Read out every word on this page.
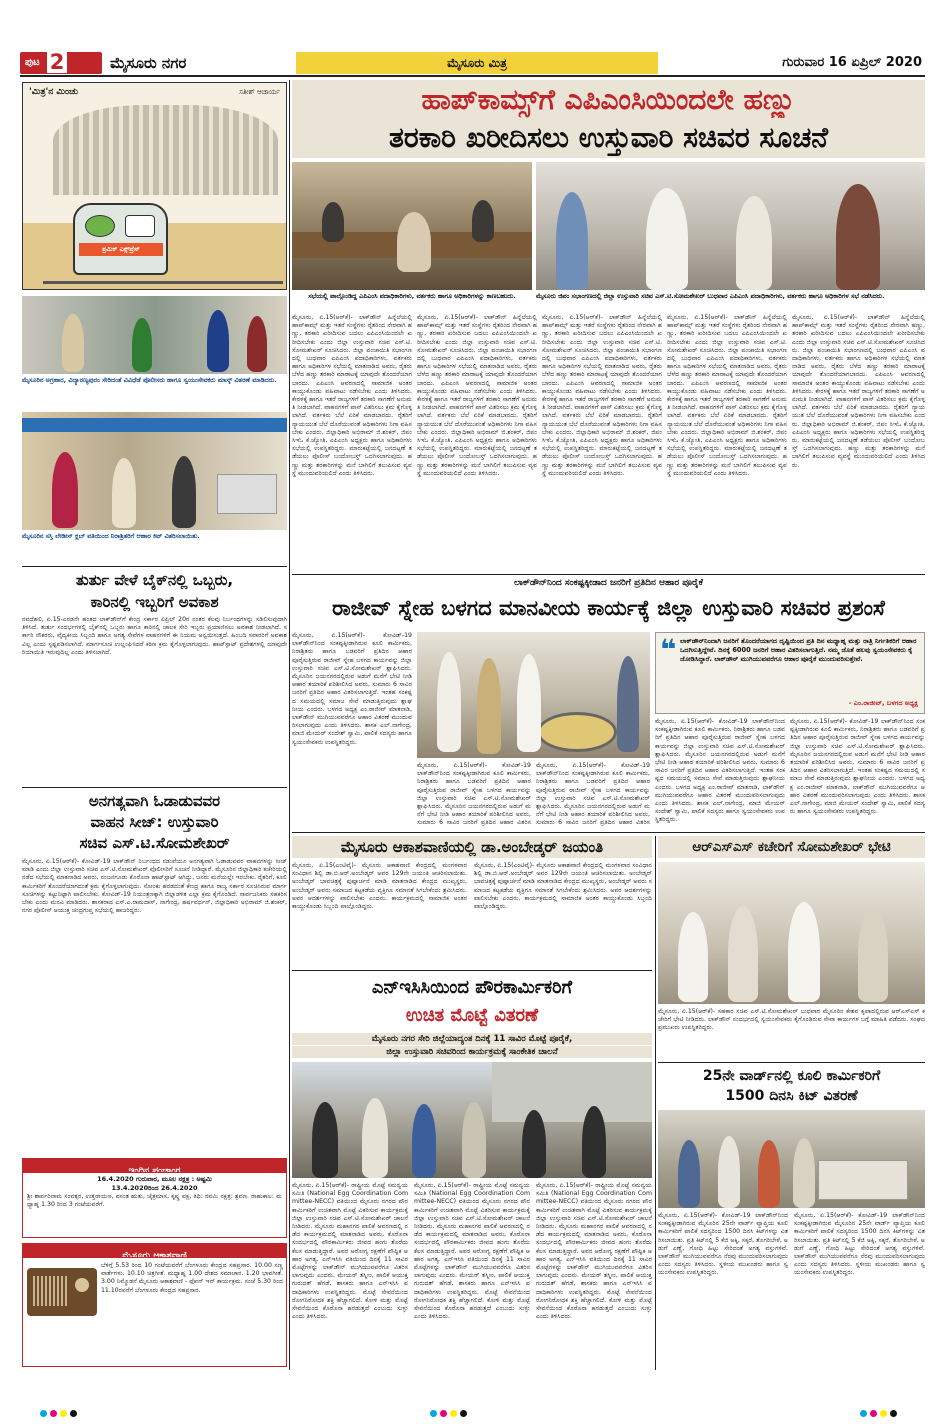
ಪುಟ 2	ಮೈಸೂರು ನಗರ	ಮೈಸೂರು ಮಿತ್ರ	ಗುರುವಾರ 16 ಏಪ್ರಿಲ್ 2020
'ಮಿತ್ರ'ನ ಮಿಂಚು	ಸತೀಶ್ ಆಚಾರ್ಯ
ಶ್ರಮಿಕ್ ಎಕ್ಸ್‌ಪ್ರೆಸ್
ಮೈಸೂರಿನ ಅಗ್ರಹಾರ, ವಿದ್ಯಾರಣ್ಯಪುರಂ ಸೇರಿದಂತೆ ವಿವಿಧೆಡೆ ಪೊಲೀಸರು ಹಾಗೂ ಸ್ವಯಂಸೇವಕರು ಮಾಸ್ಕ್ ವಿತರಣೆ ಮಾಡಿದರು.
ಮೈಸೂರಿನ ಸಸ್ತಿ ಲೇಡೀಸ್ ಕ್ಲಬ್ ವತಿಯಿಂದ ನಿರಾಶ್ರಿತರಿಗೆ ಆಹಾರ ಕಿಟ್ ವಿತರಿಸಲಾಯಿತು.
ತುರ್ತು ವೇಳೆ ಬೈಕ್‌ನಲ್ಲಿ ಒಬ್ಬರು,
ಕಾರಿನಲ್ಲಿ ಇಬ್ಬರಿಗೆ ಅವಕಾಶ
ನವದೆಹಲಿ, ಏ.15-ಎರಡನೇ ಹಂತದ ಲಾಕ್‌ಡೌನ್‌ಗೆ ಕೇಂದ್ರ ಸರ್ಕಾರ ಏಪ್ರಿಲ್ 20ರ ನಂತರ ಕೆಲವು ನಿರ್ಬಂಧಗಳನ್ನು ಸಡಿಲಿಸುವುದಾಗಿ ತಿಳಿಸಿದೆ. ತುರ್ತು ಸಂದರ್ಭಗಳಲ್ಲಿ ಬೈಕ್‌ನಲ್ಲಿ ಒಬ್ಬರು ಹಾಗೂ ಕಾರಿನಲ್ಲಿ ಚಾಲಕ ಸೇರಿ ಇಬ್ಬರು ಪ್ರಯಾಣಿಸಲು ಅವಕಾಶ ನೀಡಲಾಗಿದೆ. ಸರ್ಕಾರಿ ನೌಕರರು, ವೈದ್ಯಕೀಯ ಸಿಬ್ಬಂದಿ ಹಾಗೂ ಅಗತ್ಯ ಸೇವೆಗಳ ವಾಹನಗಳಿಗೆ ಈ ನಿಯಮ ಅನ್ವಯಿಸುತ್ತದೆ. ಹಿಂಬದಿ ಸವಾರರಿಗೆ ಅವಕಾಶವಿಲ್ಲ ಎಂದು ಸ್ಪಷ್ಟಪಡಿಸಲಾಗಿದೆ. ಮಾರ್ಗಸೂಚಿ ಉಲ್ಲಂಘಿಸಿದರೆ ಕಠಿಣ ಕ್ರಮ ಕೈಗೊಳ್ಳಲಾಗುವುದು. ಹಾಟ್‌ಸ್ಪಾಟ್ ಪ್ರದೇಶಗಳಲ್ಲಿ ಯಾವುದೇ ರಿಯಾಯಿತಿ ಇರುವುದಿಲ್ಲ ಎಂದು ತಿಳಿಸಲಾಗಿದೆ.
ಅನಗತ್ಯವಾಗಿ ಓಡಾಡುವವರ
ವಾಹನ ಸೀಜ್: ಉಸ್ತುವಾರಿ
ಸಚಿವ ಎಸ್.ಟಿ.ಸೋಮಶೇಖರ್
ಮೈಸೂರು, ಏ.15(ಆರ್‌ಕೆ)- ಕೋವಿಡ್-19 ಲಾಕ್‌ಡೌನ್ ನಿರ್ಬಂಧದ ನಡುವೆಯೂ ಅನಗತ್ಯವಾಗಿ ಓಡಾಡುವವರ ವಾಹನಗಳನ್ನು ಸೀಜ್ ಮಾಡಿ ಎಂದು ಜಿಲ್ಲಾ ಉಸ್ತುವಾರಿ ಸಚಿವ ಎಸ್.ಟಿ.ಸೋಮಶೇಖರ್ ಪೊಲೀಸರಿಗೆ ಸೂಚನೆ ನೀಡಿದ್ದಾರೆ. ಮೈಸೂರಿನ ಜಿಲ್ಲಾಧಿಕಾರಿ ಕಚೇರಿಯಲ್ಲಿ ನಡೆದ ಸಭೆಯಲ್ಲಿ ಮಾತನಾಡಿದ ಅವರು, ನಂಜನಗೂಡು ಕೊರೊನಾ ಹಾಟ್‌ಸ್ಪಾಟ್ ಆಗಿದ್ದು, ಜನರು ಮನೆಯಲ್ಲೇ ಇರಬೇಕು. ರೈತರಿಗೆ, ಕೂಲಿ ಕಾರ್ಮಿಕರಿಗೆ ತೊಂದರೆಯಾಗದಂತೆ ಕ್ರಮ ಕೈಗೊಳ್ಳಲಾಗುವುದು. ಸೋಂಕು ಹರಡದಂತೆ ಕೇಂದ್ರ ಹಾಗೂ ರಾಜ್ಯ ಸರ್ಕಾರ ಸೂಚಿಸಿರುವ ಮಾರ್ಗಸೂಚಿಗಳನ್ನು ಕಟ್ಟುನಿಟ್ಟಾಗಿ ಪಾಲಿಸಬೇಕು. ಕೋವಿಡ್-19 ನಿಯಂತ್ರಣಕ್ಕಾಗಿ ಜಿಲ್ಲಾಡಳಿತ ಎಲ್ಲಾ ಕ್ರಮ ಕೈಗೊಂಡಿದೆ. ಸಾರ್ವಜನಿಕರು ಸಹಕರಿಸಬೇಕು ಎಂದು ಮನವಿ ಮಾಡಿದರು. ಶಾಸಕರಾದ ಎಸ್.ಎ.ರಾಮದಾಸ್, ನಾಗೇಂದ್ರ, ಹರ್ಷವರ್ಧನ್, ಜಿಲ್ಲಾಧಿಕಾರಿ ಅಭಿರಾಮ್ ಜಿ.ಶಂಕರ್, ನಗರ ಪೊಲೀಸ್ ಆಯುಕ್ತ ಚಂದ್ರಗುಪ್ತ ಸಭೆಯಲ್ಲಿ ಹಾಜರಿದ್ದರು.
ಇಂದಿನ ಪಂಚಾಂಗ
16.4.2020 ಗುರುವಾರ, ಮೂಲ ನಕ್ಷತ್ರ : ಅಷ್ಟಮಿ
13.4.2020ರಿಂದ 26.4.2020
ಶ್ರೀ ಶಾರ್ವರಿನಾಮ ಸಂವತ್ಸರ, ಉತ್ತರಾಯಣ, ವಸಂತ ಋತು, ಚೈತ್ರಮಾಸ, ಕೃಷ್ಣ ಪಕ್ಷ, ತಿಥಿ: ನವಮಿ ನಕ್ಷತ್ರ: ಶ್ರವಣ. ರಾಹುಕಾಲ: ಮಧ್ಯಾಹ್ನ 1.30 ರಿಂದ 3 ಗಂಟೆಯವರೆಗೆ.
ಮೈಸೂರು ಆಕಾಶವಾಣಿ
ಬೆಳಿಗ್ಗೆ 5.53 ರಿಂದ 10 ಗಂಟೆಯವರೆಗೆ ಬೆಂಗಳೂರು ಕೇಂದ್ರದ ಸಹಪ್ರಸಾರ. 10.00 ಸಣ್ಣ ವಾರ್ತೆಗಳು. 10.10 ಚಿತ್ರಗೀತೆ. ಮಧ್ಯಾಹ್ನ 1.00 ದೇಶದ ಸಮಾಚಾರ. 1.20 ಭಾವಗೀತೆ. 3.00 ನಿಮ್ಮೊಡನೆ ಮೈಸೂರು ಆಕಾಶವಾಣಿ - ಫೋನ್ ಇನ್ ಕಾರ್ಯಕ್ರಮ. ಸಂಜೆ 5.30 ರಿಂದ 11.10ರವರೆಗೆ ಬೆಂಗಳೂರು ಕೇಂದ್ರದ ಸಹಪ್ರಸಾರ.
ಹಾಪ್‌ಕಾಮ್ಸ್‌ಗೆ ಎಪಿಎಂಸಿಯಿಂದಲೇ ಹಣ್ಣು
ತರಕಾರಿ ಖರೀದಿಸಲು ಉಸ್ತುವಾರಿ ಸಚಿವರ ಸೂಚನೆ
ಸಭೆಯಲ್ಲಿ ಪಾಲ್ಗೊಂಡಿದ್ದ ಎಪಿಎಂಸಿ ಪದಾಧಿಕಾರಿಗಳು, ವರ್ತಕರು ಹಾಗೂ ಅಧಿಕಾರಿಗಳನ್ನು ಕಾಣಬಹುದು.	ಮೈಸೂರು ಜಿಪಂ ಸಭಾಂಗಣದಲ್ಲಿ ಜಿಲ್ಲಾ ಉಸ್ತುವಾರಿ ಸಚಿವ ಎಸ್.ಟಿ.ಸೋಮಶೇಖರ್ ಬುಧವಾರ ಎಪಿಎಂಸಿ ಪದಾಧಿಕಾರಿಗಳು, ವರ್ತಕರು ಹಾಗೂ ಅಧಿಕಾರಿಗಳ ಸಭೆ ನಡೆಸಿದರು.
ಮೈಸೂರು, ಏ.15(ಆರ್‌ಕೆ)- ಲಾಕ್‌ಡೌನ್ ಹಿನ್ನೆಲೆಯಲ್ಲಿ ಹಾಪ್‌ಕಾಮ್ಸ್ ಮತ್ತು ಇತರೆ ಸಂಸ್ಥೆಗಳು ರೈತರಿಂದ ನೇರವಾಗಿ ಹಣ್ಣು, ತರಕಾರಿ ಖರೀದಿಸುವ ಬದಲು ಎಪಿಎಂಸಿಯಿಂದಲೇ ಖರೀದಿಸಬೇಕು ಎಂದು ಜಿಲ್ಲಾ ಉಸ್ತುವಾರಿ ಸಚಿವ ಎಸ್.ಟಿ.ಸೋಮಶೇಖರ್ ಸೂಚಿಸಿದರು. ಜಿಲ್ಲಾ ಪಂಚಾಯಿತಿ ಸಭಾಂಗಣದಲ್ಲಿ ಬುಧವಾರ ಎಪಿಎಂಸಿ ಪದಾಧಿಕಾರಿಗಳು, ವರ್ತಕರು ಹಾಗೂ ಅಧಿಕಾರಿಗಳ ಸಭೆಯಲ್ಲಿ ಮಾತನಾಡಿದ ಅವರು, ರೈತರು ಬೆಳೆದ ಹಣ್ಣು ತರಕಾರಿ ಮಾರಾಟಕ್ಕೆ ಯಾವುದೇ ತೊಂದರೆಯಾಗಬಾರದು. ಎಪಿಎಂಸಿ ಆವರಣದಲ್ಲಿ ಸಾಮಾಜಿಕ ಅಂತರ ಕಾಯ್ದುಕೊಂಡು ವಹಿವಾಟು ನಡೆಸಬೇಕು ಎಂದು ತಿಳಿಸಿದರು. ಕೇರಳಕ್ಕೆ ಹಾಗೂ ಇತರೆ ರಾಜ್ಯಗಳಿಗೆ ತರಕಾರಿ ಸಾಗಣೆಗೆ ಅನುಮತಿ ನೀಡಲಾಗಿದೆ. ವಾಹನಗಳಿಗೆ ಪಾಸ್ ವಿತರಿಸಲು ಕ್ರಮ ಕೈಗೊಳ್ಳಲಾಗಿದೆ. ವರ್ತಕರು ಬೆಲೆ ಏರಿಕೆ ಮಾಡಬಾರದು. ರೈತರಿಗೆ ನ್ಯಾಯಯುತ ಬೆಲೆ ದೊರೆಯುವಂತೆ ಅಧಿಕಾರಿಗಳು ನಿಗಾ ವಹಿಸಬೇಕು ಎಂದರು. ಜಿಲ್ಲಾಧಿಕಾರಿ ಅಭಿರಾಮ್ ಜಿ.ಶಂಕರ್, ಜಿಪಂ ಸಿಇಓ ಕೆ.ಜ್ಯೋತಿ, ಎಪಿಎಂಸಿ ಅಧ್ಯಕ್ಷರು ಹಾಗೂ ಅಧಿಕಾರಿಗಳು ಸಭೆಯಲ್ಲಿ ಉಪಸ್ಥಿತರಿದ್ದರು. ಮಾರುಕಟ್ಟೆಯಲ್ಲಿ ಜನದಟ್ಟಣೆ ತಡೆಯಲು ಪೊಲೀಸ್ ಬಂದೋಬಸ್ತ್ ಒದಗಿಸಲಾಗುವುದು. ಹಣ್ಣು ಮತ್ತು ತರಕಾರಿಗಳನ್ನು ಮನೆ ಬಾಗಿಲಿಗೆ ತಲುಪಿಸುವ ವ್ಯವಸ್ಥೆ ಮುಂದುವರಿಯಲಿದೆ ಎಂದು ತಿಳಿಸಿದರು.
ಮೈಸೂರು, ಏ.15(ಆರ್‌ಕೆ)- ಲಾಕ್‌ಡೌನ್ ಹಿನ್ನೆಲೆಯಲ್ಲಿ ಹಾಪ್‌ಕಾಮ್ಸ್ ಮತ್ತು ಇತರೆ ಸಂಸ್ಥೆಗಳು ರೈತರಿಂದ ನೇರವಾಗಿ ಹಣ್ಣು, ತರಕಾರಿ ಖರೀದಿಸುವ ಬದಲು ಎಪಿಎಂಸಿಯಿಂದಲೇ ಖರೀದಿಸಬೇಕು ಎಂದು ಜಿಲ್ಲಾ ಉಸ್ತುವಾರಿ ಸಚಿವ ಎಸ್.ಟಿ.ಸೋಮಶೇಖರ್ ಸೂಚಿಸಿದರು. ಜಿಲ್ಲಾ ಪಂಚಾಯಿತಿ ಸಭಾಂಗಣದಲ್ಲಿ ಬುಧವಾರ ಎಪಿಎಂಸಿ ಪದಾಧಿಕಾರಿಗಳು, ವರ್ತಕರು ಹಾಗೂ ಅಧಿಕಾರಿಗಳ ಸಭೆಯಲ್ಲಿ ಮಾತನಾಡಿದ ಅವರು, ರೈತರು ಬೆಳೆದ ಹಣ್ಣು ತರಕಾರಿ ಮಾರಾಟಕ್ಕೆ ಯಾವುದೇ ತೊಂದರೆಯಾಗಬಾರದು. ಎಪಿಎಂಸಿ ಆವರಣದಲ್ಲಿ ಸಾಮಾಜಿಕ ಅಂತರ ಕಾಯ್ದುಕೊಂಡು ವಹಿವಾಟು ನಡೆಸಬೇಕು ಎಂದು ತಿಳಿಸಿದರು. ಕೇರಳಕ್ಕೆ ಹಾಗೂ ಇತರೆ ರಾಜ್ಯಗಳಿಗೆ ತರಕಾರಿ ಸಾಗಣೆಗೆ ಅನುಮತಿ ನೀಡಲಾಗಿದೆ. ವಾಹನಗಳಿಗೆ ಪಾಸ್ ವಿತರಿಸಲು ಕ್ರಮ ಕೈಗೊಳ್ಳಲಾಗಿದೆ. ವರ್ತಕರು ಬೆಲೆ ಏರಿಕೆ ಮಾಡಬಾರದು. ರೈತರಿಗೆ ನ್ಯಾಯಯುತ ಬೆಲೆ ದೊರೆಯುವಂತೆ ಅಧಿಕಾರಿಗಳು ನಿಗಾ ವಹಿಸಬೇಕು ಎಂದರು. ಜಿಲ್ಲಾಧಿಕಾರಿ ಅಭಿರಾಮ್ ಜಿ.ಶಂಕರ್, ಜಿಪಂ ಸಿಇಓ ಕೆ.ಜ್ಯೋತಿ, ಎಪಿಎಂಸಿ ಅಧ್ಯಕ್ಷರು ಹಾಗೂ ಅಧಿಕಾರಿಗಳು ಸಭೆಯಲ್ಲಿ ಉಪಸ್ಥಿತರಿದ್ದರು. ಮಾರುಕಟ್ಟೆಯಲ್ಲಿ ಜನದಟ್ಟಣೆ ತಡೆಯಲು ಪೊಲೀಸ್ ಬಂದೋಬಸ್ತ್ ಒದಗಿಸಲಾಗುವುದು. ಹಣ್ಣು ಮತ್ತು ತರಕಾರಿಗಳನ್ನು ಮನೆ ಬಾಗಿಲಿಗೆ ತಲುಪಿಸುವ ವ್ಯವಸ್ಥೆ ಮುಂದುವರಿಯಲಿದೆ ಎಂದು ತಿಳಿಸಿದರು.
ಮೈಸೂರು, ಏ.15(ಆರ್‌ಕೆ)- ಲಾಕ್‌ಡೌನ್ ಹಿನ್ನೆಲೆಯಲ್ಲಿ ಹಾಪ್‌ಕಾಮ್ಸ್ ಮತ್ತು ಇತರೆ ಸಂಸ್ಥೆಗಳು ರೈತರಿಂದ ನೇರವಾಗಿ ಹಣ್ಣು, ತರಕಾರಿ ಖರೀದಿಸುವ ಬದಲು ಎಪಿಎಂಸಿಯಿಂದಲೇ ಖರೀದಿಸಬೇಕು ಎಂದು ಜಿಲ್ಲಾ ಉಸ್ತುವಾರಿ ಸಚಿವ ಎಸ್.ಟಿ.ಸೋಮಶೇಖರ್ ಸೂಚಿಸಿದರು. ಜಿಲ್ಲಾ ಪಂಚಾಯಿತಿ ಸಭಾಂಗಣದಲ್ಲಿ ಬುಧವಾರ ಎಪಿಎಂಸಿ ಪದಾಧಿಕಾರಿಗಳು, ವರ್ತಕರು ಹಾಗೂ ಅಧಿಕಾರಿಗಳ ಸಭೆಯಲ್ಲಿ ಮಾತನಾಡಿದ ಅವರು, ರೈತರು ಬೆಳೆದ ಹಣ್ಣು ತರಕಾರಿ ಮಾರಾಟಕ್ಕೆ ಯಾವುದೇ ತೊಂದರೆಯಾಗಬಾರದು. ಎಪಿಎಂಸಿ ಆವರಣದಲ್ಲಿ ಸಾಮಾಜಿಕ ಅಂತರ ಕಾಯ್ದುಕೊಂಡು ವಹಿವಾಟು ನಡೆಸಬೇಕು ಎಂದು ತಿಳಿಸಿದರು. ಕೇರಳಕ್ಕೆ ಹಾಗೂ ಇತರೆ ರಾಜ್ಯಗಳಿಗೆ ತರಕಾರಿ ಸಾಗಣೆಗೆ ಅನುಮತಿ ನೀಡಲಾಗಿದೆ. ವಾಹನಗಳಿಗೆ ಪಾಸ್ ವಿತರಿಸಲು ಕ್ರಮ ಕೈಗೊಳ್ಳಲಾಗಿದೆ. ವರ್ತಕರು ಬೆಲೆ ಏರಿಕೆ ಮಾಡಬಾರದು. ರೈತರಿಗೆ ನ್ಯಾಯಯುತ ಬೆಲೆ ದೊರೆಯುವಂತೆ ಅಧಿಕಾರಿಗಳು ನಿಗಾ ವಹಿಸಬೇಕು ಎಂದರು. ಜಿಲ್ಲಾಧಿಕಾರಿ ಅಭಿರಾಮ್ ಜಿ.ಶಂಕರ್, ಜಿಪಂ ಸಿಇಓ ಕೆ.ಜ್ಯೋತಿ, ಎಪಿಎಂಸಿ ಅಧ್ಯಕ್ಷರು ಹಾಗೂ ಅಧಿಕಾರಿಗಳು ಸಭೆಯಲ್ಲಿ ಉಪಸ್ಥಿತರಿದ್ದರು. ಮಾರುಕಟ್ಟೆಯಲ್ಲಿ ಜನದಟ್ಟಣೆ ತಡೆಯಲು ಪೊಲೀಸ್ ಬಂದೋಬಸ್ತ್ ಒದಗಿಸಲಾಗುವುದು. ಹಣ್ಣು ಮತ್ತು ತರಕಾರಿಗಳನ್ನು ಮನೆ ಬಾಗಿಲಿಗೆ ತಲುಪಿಸುವ ವ್ಯವಸ್ಥೆ ಮುಂದುವರಿಯಲಿದೆ ಎಂದು ತಿಳಿಸಿದರು.
ಮೈಸೂರು, ಏ.15(ಆರ್‌ಕೆ)- ಲಾಕ್‌ಡೌನ್ ಹಿನ್ನೆಲೆಯಲ್ಲಿ ಹಾಪ್‌ಕಾಮ್ಸ್ ಮತ್ತು ಇತರೆ ಸಂಸ್ಥೆಗಳು ರೈತರಿಂದ ನೇರವಾಗಿ ಹಣ್ಣು, ತರಕಾರಿ ಖರೀದಿಸುವ ಬದಲು ಎಪಿಎಂಸಿಯಿಂದಲೇ ಖರೀದಿಸಬೇಕು ಎಂದು ಜಿಲ್ಲಾ ಉಸ್ತುವಾರಿ ಸಚಿವ ಎಸ್.ಟಿ.ಸೋಮಶೇಖರ್ ಸೂಚಿಸಿದರು. ಜಿಲ್ಲಾ ಪಂಚಾಯಿತಿ ಸಭಾಂಗಣದಲ್ಲಿ ಬುಧವಾರ ಎಪಿಎಂಸಿ ಪದಾಧಿಕಾರಿಗಳು, ವರ್ತಕರು ಹಾಗೂ ಅಧಿಕಾರಿಗಳ ಸಭೆಯಲ್ಲಿ ಮಾತನಾಡಿದ ಅವರು, ರೈತರು ಬೆಳೆದ ಹಣ್ಣು ತರಕಾರಿ ಮಾರಾಟಕ್ಕೆ ಯಾವುದೇ ತೊಂದರೆಯಾಗಬಾರದು. ಎಪಿಎಂಸಿ ಆವರಣದಲ್ಲಿ ಸಾಮಾಜಿಕ ಅಂತರ ಕಾಯ್ದುಕೊಂಡು ವಹಿವಾಟು ನಡೆಸಬೇಕು ಎಂದು ತಿಳಿಸಿದರು. ಕೇರಳಕ್ಕೆ ಹಾಗೂ ಇತರೆ ರಾಜ್ಯಗಳಿಗೆ ತರಕಾರಿ ಸಾಗಣೆಗೆ ಅನುಮತಿ ನೀಡಲಾಗಿದೆ. ವಾಹನಗಳಿಗೆ ಪಾಸ್ ವಿತರಿಸಲು ಕ್ರಮ ಕೈಗೊಳ್ಳಲಾಗಿದೆ. ವರ್ತಕರು ಬೆಲೆ ಏರಿಕೆ ಮಾಡಬಾರದು. ರೈತರಿಗೆ ನ್ಯಾಯಯುತ ಬೆಲೆ ದೊರೆಯುವಂತೆ ಅಧಿಕಾರಿಗಳು ನಿಗಾ ವಹಿಸಬೇಕು ಎಂದರು. ಜಿಲ್ಲಾಧಿಕಾರಿ ಅಭಿರಾಮ್ ಜಿ.ಶಂಕರ್, ಜಿಪಂ ಸಿಇಓ ಕೆ.ಜ್ಯೋತಿ, ಎಪಿಎಂಸಿ ಅಧ್ಯಕ್ಷರು ಹಾಗೂ ಅಧಿಕಾರಿಗಳು ಸಭೆಯಲ್ಲಿ ಉಪಸ್ಥಿತರಿದ್ದರು. ಮಾರುಕಟ್ಟೆಯಲ್ಲಿ ಜನದಟ್ಟಣೆ ತಡೆಯಲು ಪೊಲೀಸ್ ಬಂದೋಬಸ್ತ್ ಒದಗಿಸಲಾಗುವುದು. ಹಣ್ಣು ಮತ್ತು ತರಕಾರಿಗಳನ್ನು ಮನೆ ಬಾಗಿಲಿಗೆ ತಲುಪಿಸುವ ವ್ಯವಸ್ಥೆ ಮುಂದುವರಿಯಲಿದೆ ಎಂದು ತಿಳಿಸಿದರು.
ಮೈಸೂರು, ಏ.15(ಆರ್‌ಕೆ)- ಲಾಕ್‌ಡೌನ್ ಹಿನ್ನೆಲೆಯಲ್ಲಿ ಹಾಪ್‌ಕಾಮ್ಸ್ ಮತ್ತು ಇತರೆ ಸಂಸ್ಥೆಗಳು ರೈತರಿಂದ ನೇರವಾಗಿ ಹಣ್ಣು, ತರಕಾರಿ ಖರೀದಿಸುವ ಬದಲು ಎಪಿಎಂಸಿಯಿಂದಲೇ ಖರೀದಿಸಬೇಕು ಎಂದು ಜಿಲ್ಲಾ ಉಸ್ತುವಾರಿ ಸಚಿವ ಎಸ್.ಟಿ.ಸೋಮಶೇಖರ್ ಸೂಚಿಸಿದರು. ಜಿಲ್ಲಾ ಪಂಚಾಯಿತಿ ಸಭಾಂಗಣದಲ್ಲಿ ಬುಧವಾರ ಎಪಿಎಂಸಿ ಪದಾಧಿಕಾರಿಗಳು, ವರ್ತಕರು ಹಾಗೂ ಅಧಿಕಾರಿಗಳ ಸಭೆಯಲ್ಲಿ ಮಾತನಾಡಿದ ಅವರು, ರೈತರು ಬೆಳೆದ ಹಣ್ಣು ತರಕಾರಿ ಮಾರಾಟಕ್ಕೆ ಯಾವುದೇ ತೊಂದರೆಯಾಗಬಾರದು. ಎಪಿಎಂಸಿ ಆವರಣದಲ್ಲಿ ಸಾಮಾಜಿಕ ಅಂತರ ಕಾಯ್ದುಕೊಂಡು ವಹಿವಾಟು ನಡೆಸಬೇಕು ಎಂದು ತಿಳಿಸಿದರು. ಕೇರಳಕ್ಕೆ ಹಾಗೂ ಇತರೆ ರಾಜ್ಯಗಳಿಗೆ ತರಕಾರಿ ಸಾಗಣೆಗೆ ಅನುಮತಿ ನೀಡಲಾಗಿದೆ. ವಾಹನಗಳಿಗೆ ಪಾಸ್ ವಿತರಿಸಲು ಕ್ರಮ ಕೈಗೊಳ್ಳಲಾಗಿದೆ. ವರ್ತಕರು ಬೆಲೆ ಏರಿಕೆ ಮಾಡಬಾರದು. ರೈತರಿಗೆ ನ್ಯಾಯಯುತ ಬೆಲೆ ದೊರೆಯುವಂತೆ ಅಧಿಕಾರಿಗಳು ನಿಗಾ ವಹಿಸಬೇಕು ಎಂದರು. ಜಿಲ್ಲಾಧಿಕಾರಿ ಅಭಿರಾಮ್ ಜಿ.ಶಂಕರ್, ಜಿಪಂ ಸಿಇಓ ಕೆ.ಜ್ಯೋತಿ, ಎಪಿಎಂಸಿ ಅಧ್ಯಕ್ಷರು ಹಾಗೂ ಅಧಿಕಾರಿಗಳು ಸಭೆಯಲ್ಲಿ ಉಪಸ್ಥಿತರಿದ್ದರು. ಮಾರುಕಟ್ಟೆಯಲ್ಲಿ ಜನದಟ್ಟಣೆ ತಡೆಯಲು ಪೊಲೀಸ್ ಬಂದೋಬಸ್ತ್ ಒದಗಿಸಲಾಗುವುದು. ಹಣ್ಣು ಮತ್ತು ತರಕಾರಿಗಳನ್ನು ಮನೆ ಬಾಗಿಲಿಗೆ ತಲುಪಿಸುವ ವ್ಯವಸ್ಥೆ ಮುಂದುವರಿಯಲಿದೆ ಎಂದು ತಿಳಿಸಿದರು.
ಲಾಕ್‌ಡೌನ್‌ನಿಂದ ಸಂಕಷ್ಟಕ್ಕೀಡಾದ ಜನರಿಗೆ ಪ್ರತಿದಿನ ಆಹಾರ ಪೂರೈಕೆ
ರಾಜೀವ್ ಸ್ನೇಹ ಬಳಗದ ಮಾನವೀಯ ಕಾರ್ಯಕ್ಕೆ ಜಿಲ್ಲಾ ಉಸ್ತುವಾರಿ ಸಚಿವರ ಪ್ರಶಂಸೆ
ಮೈಸೂರು, ಏ.15(ಆರ್‌ಕೆ)- ಕೋವಿಡ್-19 ಲಾಕ್‌ಡೌನ್‌ನಿಂದ ಸಂಕಷ್ಟಕ್ಕೀಡಾಗಿರುವ ಕೂಲಿ ಕಾರ್ಮಿಕರು, ನಿರಾಶ್ರಿತರು ಹಾಗೂ ಬಡವರಿಗೆ ಪ್ರತಿದಿನ ಆಹಾರ ಪೂರೈಸುತ್ತಿರುವ ರಾಜೀವ್ ಸ್ನೇಹ ಬಳಗದ ಕಾರ್ಯವನ್ನು ಜಿಲ್ಲಾ ಉಸ್ತುವಾರಿ ಸಚಿವ ಎಸ್.ಟಿ.ಸೋಮಶೇಖರ್ ಶ್ಲಾಘಿಸಿದರು. ಮೈಸೂರಿನ ಜಯನಗರದಲ್ಲಿರುವ ಅಡುಗೆ ಮನೆಗೆ ಭೇಟಿ ನೀಡಿ ಆಹಾರ ತಯಾರಿಕೆ ಪರಿಶೀಲಿಸಿದ ಅವರು, ಸುಮಾರು 6 ಸಾವಿರ ಜನರಿಗೆ ಪ್ರತಿದಿನ ಆಹಾರ ವಿತರಿಸಲಾಗುತ್ತಿದೆ. ಇಂತಹ ಸಂಕಷ್ಟದ ಸಮಯದಲ್ಲಿ ಸಮಾಜ ಸೇವೆ ಮಾಡುತ್ತಿರುವುದು ಶ್ಲಾಘನೀಯ ಎಂದರು. ಬಳಗದ ಅಧ್ಯಕ್ಷ ಎಂ.ರಾಜೀವ್ ಮಾತನಾಡಿ, ಲಾಕ್‌ಡೌನ್ ಮುಗಿಯುವವರೆಗೂ ಆಹಾರ ವಿತರಣೆ ಮುಂದುವರಿಸಲಾಗುವುದು ಎಂದು ತಿಳಿಸಿದರು. ಶಾಸಕ ಎಲ್.ನಾಗೇಂದ್ರ, ಮಾಜಿ ಮೇಯರ್ ಸಂದೇಶ್ ಸ್ವಾಮಿ, ಪಾಲಿಕೆ ಸದಸ್ಯರು ಹಾಗೂ ಸ್ವಯಂಸೇವಕರು ಉಪಸ್ಥಿತರಿದ್ದರು.
ಮೈಸೂರು, ಏ.15(ಆರ್‌ಕೆ)- ಕೋವಿಡ್-19 ಲಾಕ್‌ಡೌನ್‌ನಿಂದ ಸಂಕಷ್ಟಕ್ಕೀಡಾಗಿರುವ ಕೂಲಿ ಕಾರ್ಮಿಕರು, ನಿರಾಶ್ರಿತರು ಹಾಗೂ ಬಡವರಿಗೆ ಪ್ರತಿದಿನ ಆಹಾರ ಪೂರೈಸುತ್ತಿರುವ ರಾಜೀವ್ ಸ್ನೇಹ ಬಳಗದ ಕಾರ್ಯವನ್ನು ಜಿಲ್ಲಾ ಉಸ್ತುವಾರಿ ಸಚಿವ ಎಸ್.ಟಿ.ಸೋಮಶೇಖರ್ ಶ್ಲಾಘಿಸಿದರು. ಮೈಸೂರಿನ ಜಯನಗರದಲ್ಲಿರುವ ಅಡುಗೆ ಮನೆಗೆ ಭೇಟಿ ನೀಡಿ ಆಹಾರ ತಯಾರಿಕೆ ಪರಿಶೀಲಿಸಿದ ಅವರು, ಸುಮಾರು 6 ಸಾವಿರ ಜನರಿಗೆ ಪ್ರತಿದಿನ ಆಹಾರ ವಿತರಿಸ
ಮೈಸೂರು, ಏ.15(ಆರ್‌ಕೆ)- ಕೋವಿಡ್-19 ಲಾಕ್‌ಡೌನ್‌ನಿಂದ ಸಂಕಷ್ಟಕ್ಕೀಡಾಗಿರುವ ಕೂಲಿ ಕಾರ್ಮಿಕರು, ನಿರಾಶ್ರಿತರು ಹಾಗೂ ಬಡವರಿಗೆ ಪ್ರತಿದಿನ ಆಹಾರ ಪೂರೈಸುತ್ತಿರುವ ರಾಜೀವ್ ಸ್ನೇಹ ಬಳಗದ ಕಾರ್ಯವನ್ನು ಜಿಲ್ಲಾ ಉಸ್ತುವಾರಿ ಸಚಿವ ಎಸ್.ಟಿ.ಸೋಮಶೇಖರ್ ಶ್ಲಾಘಿಸಿದರು. ಮೈಸೂರಿನ ಜಯನಗರದಲ್ಲಿರುವ ಅಡುಗೆ ಮನೆಗೆ ಭೇಟಿ ನೀಡಿ ಆಹಾರ ತಯಾರಿಕೆ ಪರಿಶೀಲಿಸಿದ ಅವರು, ಸುಮಾರು 6 ಸಾವಿರ ಜನರಿಗೆ ಪ್ರತಿದಿನ ಆಹಾರ ವಿತರಿಸ
❝ ಲಾಕ್‌ಡೌನ್‌ನಿಂದಾಗಿ ಜನರಿಗೆ ತೊಂದರೆಯಾಗದ ದೃಷ್ಟಿಯಿಂದ ಪ್ರತಿ ದಿನ ಮಧ್ಯಾಹ್ನ ಮತ್ತು ರಾತ್ರಿ ನಿರ್ಗತಿಕರಿಗೆ ಆಹಾರ ಒದಗಿಸುತ್ತಿದ್ದೇವೆ. ದಿನಕ್ಕೆ 6000 ಜನರಿಗೆ ಆಹಾರ ವಿತರಿಸಲಾಗುತ್ತಿದೆ. ನಮ್ಮ ಜೊತೆ ಹಲವು ಸ್ವಯಂಸೇವಕರು ಕೈ ಜೋಡಿಸಿದ್ದಾರೆ. ಲಾಕ್‌ಡೌನ್ ಮುಗಿಯುವವರೆಗೂ ಆಹಾರ ಪೂರೈಕೆ ಮುಂದುವರಿಸುತ್ತೇವೆ.
- ಎಂ.ರಾಜೀವ್, ಬಳಗದ ಅಧ್ಯಕ್ಷ
ಮೈಸೂರು, ಏ.15(ಆರ್‌ಕೆ)- ಕೋವಿಡ್-19 ಲಾಕ್‌ಡೌನ್‌ನಿಂದ ಸಂಕಷ್ಟಕ್ಕೀಡಾಗಿರುವ ಕೂಲಿ ಕಾರ್ಮಿಕರು, ನಿರಾಶ್ರಿತರು ಹಾಗೂ ಬಡವರಿಗೆ ಪ್ರತಿದಿನ ಆಹಾರ ಪೂರೈಸುತ್ತಿರುವ ರಾಜೀವ್ ಸ್ನೇಹ ಬಳಗದ ಕಾರ್ಯವನ್ನು ಜಿಲ್ಲಾ ಉಸ್ತುವಾರಿ ಸಚಿವ ಎಸ್.ಟಿ.ಸೋಮಶೇಖರ್ ಶ್ಲಾಘಿಸಿದರು. ಮೈಸೂರಿನ ಜಯನಗರದಲ್ಲಿರುವ ಅಡುಗೆ ಮನೆಗೆ ಭೇಟಿ ನೀಡಿ ಆಹಾರ ತಯಾರಿಕೆ ಪರಿಶೀಲಿಸಿದ ಅವರು, ಸುಮಾರು 6 ಸಾವಿರ ಜನರಿಗೆ ಪ್ರತಿದಿನ ಆಹಾರ ವಿತರಿಸಲಾಗುತ್ತಿದೆ. ಇಂತಹ ಸಂಕಷ್ಟದ ಸಮಯದಲ್ಲಿ ಸಮಾಜ ಸೇವೆ ಮಾಡುತ್ತಿರುವುದು ಶ್ಲಾಘನೀಯ ಎಂದರು. ಬಳಗದ ಅಧ್ಯಕ್ಷ ಎಂ.ರಾಜೀವ್ ಮಾತನಾಡಿ, ಲಾಕ್‌ಡೌನ್ ಮುಗಿಯುವವರೆಗೂ ಆಹಾರ ವಿತರಣೆ ಮುಂದುವರಿಸಲಾಗುವುದು ಎಂದು ತಿಳಿಸಿದರು. ಶಾಸಕ ಎಲ್.ನಾಗೇಂದ್ರ, ಮಾಜಿ ಮೇಯರ್ ಸಂದೇಶ್ ಸ್ವಾಮಿ, ಪಾಲಿಕೆ ಸದಸ್ಯರು ಹಾಗೂ ಸ್ವಯಂಸೇವಕರು ಉಪಸ್ಥಿತರಿದ್ದರು.
ಮೈಸೂರು, ಏ.15(ಆರ್‌ಕೆ)- ಕೋವಿಡ್-19 ಲಾಕ್‌ಡೌನ್‌ನಿಂದ ಸಂಕಷ್ಟಕ್ಕೀಡಾಗಿರುವ ಕೂಲಿ ಕಾರ್ಮಿಕರು, ನಿರಾಶ್ರಿತರು ಹಾಗೂ ಬಡವರಿಗೆ ಪ್ರತಿದಿನ ಆಹಾರ ಪೂರೈಸುತ್ತಿರುವ ರಾಜೀವ್ ಸ್ನೇಹ ಬಳಗದ ಕಾರ್ಯವನ್ನು ಜಿಲ್ಲಾ ಉಸ್ತುವಾರಿ ಸಚಿವ ಎಸ್.ಟಿ.ಸೋಮಶೇಖರ್ ಶ್ಲಾಘಿಸಿದರು. ಮೈಸೂರಿನ ಜಯನಗರದಲ್ಲಿರುವ ಅಡುಗೆ ಮನೆಗೆ ಭೇಟಿ ನೀಡಿ ಆಹಾರ ತಯಾರಿಕೆ ಪರಿಶೀಲಿಸಿದ ಅವರು, ಸುಮಾರು 6 ಸಾವಿರ ಜನರಿಗೆ ಪ್ರತಿದಿನ ಆಹಾರ ವಿತರಿಸಲಾಗುತ್ತಿದೆ. ಇಂತಹ ಸಂಕಷ್ಟದ ಸಮಯದಲ್ಲಿ ಸಮಾಜ ಸೇವೆ ಮಾಡುತ್ತಿರುವುದು ಶ್ಲಾಘನೀಯ ಎಂದರು. ಬಳಗದ ಅಧ್ಯಕ್ಷ ಎಂ.ರಾಜೀವ್ ಮಾತನಾಡಿ, ಲಾಕ್‌ಡೌನ್ ಮುಗಿಯುವವರೆಗೂ ಆಹಾರ ವಿತರಣೆ ಮುಂದುವರಿಸಲಾಗುವುದು ಎಂದು ತಿಳಿಸಿದರು. ಶಾಸಕ ಎಲ್.ನಾಗೇಂದ್ರ, ಮಾಜಿ ಮೇಯರ್ ಸಂದೇಶ್ ಸ್ವಾಮಿ, ಪಾಲಿಕೆ ಸದಸ್ಯರು ಹಾಗೂ ಸ್ವಯಂಸೇವಕರು ಉಪಸ್ಥಿತರಿದ್ದರು.
ಮೈಸೂರು ಆಕಾಶವಾಣಿಯಲ್ಲಿ ಡಾ.ಅಂಬೇಡ್ಕರ್ ಜಯಂತಿ
ಮೈಸೂರು, ಏ.15(ಎಂಟಿವೈ)- ಮೈಸೂರು ಆಕಾಶವಾಣಿ ಕೇಂದ್ರದಲ್ಲಿ ಮಂಗಳವಾರ ಸಂವಿಧಾನ ಶಿಲ್ಪಿ ಡಾ.ಬಿ.ಆರ್.ಅಂಬೇಡ್ಕರ್ ಅವರ 129ನೇ ಜಯಂತಿ ಆಚರಿಸಲಾಯಿತು. ಅಂಬೇಡ್ಕರ್ ಭಾವಚಿತ್ರಕ್ಕೆ ಪುಷ್ಪಾರ್ಚನೆ ಮಾಡಿ ಮಾತನಾಡಿದ ಕೇಂದ್ರದ ಮುಖ್ಯಸ್ಥರು, ಅಂಬೇಡ್ಕರ್ ಅವರು ಸಮಾಜದ ಕಟ್ಟಕಡೆಯ ವ್ಯಕ್ತಿಗೂ ಸಮಾನತೆ ಸಿಗಬೇಕೆಂದು ಶ್ರಮಿಸಿದರು. ಅವರ ಆದರ್ಶಗಳನ್ನು ಪಾಲಿಸಬೇಕು ಎಂದರು. ಕಾರ್ಯಕ್ರಮದಲ್ಲಿ ಸಾಮಾಜಿಕ ಅಂತರ ಕಾಯ್ದುಕೊಂಡು ಸಿಬ್ಬಂದಿ ಪಾಲ್ಗೊಂಡಿದ್ದರು.
ಮೈಸೂರು, ಏ.15(ಎಂಟಿವೈ)- ಮೈಸೂರು ಆಕಾಶವಾಣಿ ಕೇಂದ್ರದಲ್ಲಿ ಮಂಗಳವಾರ ಸಂವಿಧಾನ ಶಿಲ್ಪಿ ಡಾ.ಬಿ.ಆರ್.ಅಂಬೇಡ್ಕರ್ ಅವರ 129ನೇ ಜಯಂತಿ ಆಚರಿಸಲಾಯಿತು. ಅಂಬೇಡ್ಕರ್ ಭಾವಚಿತ್ರಕ್ಕೆ ಪುಷ್ಪಾರ್ಚನೆ ಮಾಡಿ ಮಾತನಾಡಿದ ಕೇಂದ್ರದ ಮುಖ್ಯಸ್ಥರು, ಅಂಬೇಡ್ಕರ್ ಅವರು ಸಮಾಜದ ಕಟ್ಟಕಡೆಯ ವ್ಯಕ್ತಿಗೂ ಸಮಾನತೆ ಸಿಗಬೇಕೆಂದು ಶ್ರಮಿಸಿದರು. ಅವರ ಆದರ್ಶಗಳನ್ನು ಪಾಲಿಸಬೇಕು ಎಂದರು. ಕಾರ್ಯಕ್ರಮದಲ್ಲಿ ಸಾಮಾಜಿಕ ಅಂತರ ಕಾಯ್ದುಕೊಂಡು ಸಿಬ್ಬಂದಿ ಪಾಲ್ಗೊಂಡಿದ್ದರು.
ಆರ್‌ಎಸ್‌ಎಸ್ ಕಚೇರಿಗೆ ಸೋಮಶೇಖರ್ ಭೇಟಿ
ಮೈಸೂರು, ಏ.15(ಆರ್‌ಕೆ)- ಸಹಕಾರ ಸಚಿವ ಎಸ್.ಟಿ.ಸೋಮಶೇಖರ್ ಬುಧವಾರ ಮೈಸೂರಿನ ಕೇಶವ ಕೃಪಾದಲ್ಲಿರುವ ಆರ್‌ಎಸ್‌ಎಸ್ ಕಚೇರಿಗೆ ಭೇಟಿ ನೀಡಿದರು. ಲಾಕ್‌ಡೌನ್ ಸಂದರ್ಭದಲ್ಲಿ ಸ್ವಯಂಸೇವಕರು ಕೈಗೊಂಡಿರುವ ಸೇವಾ ಕಾರ್ಯಗಳ ಬಗ್ಗೆ ಮಾಹಿತಿ ಪಡೆದರು. ಸಂಘದ ಪ್ರಮುಖರು ಉಪಸ್ಥಿತರಿದ್ದರು.
ಎನ್‌ಇಸಿಸಿಯಿಂದ ಪೌರಕಾರ್ಮಿಕರಿಗೆ
ಉಚಿತ ಮೊಟ್ಟೆ ವಿತರಣೆ
ಮೈಸೂರು ನಗರ ಸೇರಿ ಜಿಲ್ಲೆಯಾದ್ಯಂತ ದಿನಕ್ಕೆ 11 ಸಾವಿರ ಮೊಟ್ಟೆ ಪೂರೈಕೆ,
ಜಿಲ್ಲಾ ಉಸ್ತುವಾರಿ ಸಚಿವರಿಂದ ಕಾರ್ಯಕ್ರಮಕ್ಕೆ ಸಾಂಕೇತಿಕ ಚಾಲನೆ
ಮೈಸೂರು, ಏ.15(ಆರ್‌ಕೆ)- ರಾಷ್ಟ್ರೀಯ ಮೊಟ್ಟೆ ಸಮನ್ವಯ ಸಮಿತಿ (National Egg Coordination Committee-NECC) ವತಿಯಿಂದ ಮೈಸೂರು ನಗರದ ಪೌರಕಾರ್ಮಿಕರಿಗೆ ಉಚಿತವಾಗಿ ಮೊಟ್ಟೆ ವಿತರಿಸುವ ಕಾರ್ಯಕ್ರಮಕ್ಕೆ ಜಿಲ್ಲಾ ಉಸ್ತುವಾರಿ ಸಚಿವ ಎಸ್.ಟಿ.ಸೋಮಶೇಖರ್ ಚಾಲನೆ ನೀಡಿದರು. ಮೈಸೂರು ಮಹಾನಗರ ಪಾಲಿಕೆ ಆವರಣದಲ್ಲಿ ನಡೆದ ಕಾರ್ಯಕ್ರಮದಲ್ಲಿ ಮಾತನಾಡಿದ ಅವರು, ಕೊರೊನಾ ಸಂದರ್ಭದಲ್ಲಿ ಪೌರಕಾರ್ಮಿಕರು ಜೀವದ ಹಂಗು ತೊರೆದು ಕೆಲಸ ಮಾಡುತ್ತಿದ್ದಾರೆ. ಅವರ ಆರೋಗ್ಯ ರಕ್ಷಣೆಗೆ ಪೌಷ್ಟಿಕ ಆಹಾರ ಅಗತ್ಯ. ಎನ್‌ಇಸಿಸಿ ವತಿಯಿಂದ ದಿನಕ್ಕೆ 11 ಸಾವಿರ ಮೊಟ್ಟೆಗಳನ್ನು ಲಾಕ್‌ಡೌನ್ ಮುಗಿಯುವವರೆಗೂ ವಿತರಿಸಲಾಗುವುದು ಎಂದರು. ಮೇಯರ್ ತಸ್ನೀಂ, ಪಾಲಿಕೆ ಆಯುಕ್ತ ಗುರುದತ್ ಹೆಗಡೆ, ಶಾಸಕರು ಹಾಗೂ ಎನ್‌ಇಸಿಸಿ ಪದಾಧಿಕಾರಿಗಳು ಉಪಸ್ಥಿತರಿದ್ದರು. ಮೊಟ್ಟೆ ಸೇವನೆಯಿಂದ ರೋಗನಿರೋಧಕ ಶಕ್ತಿ ಹೆಚ್ಚಾಗಲಿದೆ. ಕೋಳಿ ಮತ್ತು ಮೊಟ್ಟೆ ಸೇವನೆಯಿಂದ ಕೊರೊನಾ ಹರಡುತ್ತದೆ ಎಂಬುದು ಸುಳ್ಳು ಎಂದು ತಿಳಿಸಿದರು.
ಮೈಸೂರು, ಏ.15(ಆರ್‌ಕೆ)- ರಾಷ್ಟ್ರೀಯ ಮೊಟ್ಟೆ ಸಮನ್ವಯ ಸಮಿತಿ (National Egg Coordination Committee-NECC) ವತಿಯಿಂದ ಮೈಸೂರು ನಗರದ ಪೌರಕಾರ್ಮಿಕರಿಗೆ ಉಚಿತವಾಗಿ ಮೊಟ್ಟೆ ವಿತರಿಸುವ ಕಾರ್ಯಕ್ರಮಕ್ಕೆ ಜಿಲ್ಲಾ ಉಸ್ತುವಾರಿ ಸಚಿವ ಎಸ್.ಟಿ.ಸೋಮಶೇಖರ್ ಚಾಲನೆ ನೀಡಿದರು. ಮೈಸೂರು ಮಹಾನಗರ ಪಾಲಿಕೆ ಆವರಣದಲ್ಲಿ ನಡೆದ ಕಾರ್ಯಕ್ರಮದಲ್ಲಿ ಮಾತನಾಡಿದ ಅವರು, ಕೊರೊನಾ ಸಂದರ್ಭದಲ್ಲಿ ಪೌರಕಾರ್ಮಿಕರು ಜೀವದ ಹಂಗು ತೊರೆದು ಕೆಲಸ ಮಾಡುತ್ತಿದ್ದಾರೆ. ಅವರ ಆರೋಗ್ಯ ರಕ್ಷಣೆಗೆ ಪೌಷ್ಟಿಕ ಆಹಾರ ಅಗತ್ಯ. ಎನ್‌ಇಸಿಸಿ ವತಿಯಿಂದ ದಿನಕ್ಕೆ 11 ಸಾವಿರ ಮೊಟ್ಟೆಗಳನ್ನು ಲಾಕ್‌ಡೌನ್ ಮುಗಿಯುವವರೆಗೂ ವಿತರಿಸಲಾಗುವುದು ಎಂದರು. ಮೇಯರ್ ತಸ್ನೀಂ, ಪಾಲಿಕೆ ಆಯುಕ್ತ ಗುರುದತ್ ಹೆಗಡೆ, ಶಾಸಕರು ಹಾಗೂ ಎನ್‌ಇಸಿಸಿ ಪದಾಧಿಕಾರಿಗಳು ಉಪಸ್ಥಿತರಿದ್ದರು. ಮೊಟ್ಟೆ ಸೇವನೆಯಿಂದ ರೋಗನಿರೋಧಕ ಶಕ್ತಿ ಹೆಚ್ಚಾಗಲಿದೆ. ಕೋಳಿ ಮತ್ತು ಮೊಟ್ಟೆ ಸೇವನೆಯಿಂದ ಕೊರೊನಾ ಹರಡುತ್ತದೆ ಎಂಬುದು ಸುಳ್ಳು ಎಂದು ತಿಳಿಸಿದರು.
ಮೈಸೂರು, ಏ.15(ಆರ್‌ಕೆ)- ರಾಷ್ಟ್ರೀಯ ಮೊಟ್ಟೆ ಸಮನ್ವಯ ಸಮಿತಿ (National Egg Coordination Committee-NECC) ವತಿಯಿಂದ ಮೈಸೂರು ನಗರದ ಪೌರಕಾರ್ಮಿಕರಿಗೆ ಉಚಿತವಾಗಿ ಮೊಟ್ಟೆ ವಿತರಿಸುವ ಕಾರ್ಯಕ್ರಮಕ್ಕೆ ಜಿಲ್ಲಾ ಉಸ್ತುವಾರಿ ಸಚಿವ ಎಸ್.ಟಿ.ಸೋಮಶೇಖರ್ ಚಾಲನೆ ನೀಡಿದರು. ಮೈಸೂರು ಮಹಾನಗರ ಪಾಲಿಕೆ ಆವರಣದಲ್ಲಿ ನಡೆದ ಕಾರ್ಯಕ್ರಮದಲ್ಲಿ ಮಾತನಾಡಿದ ಅವರು, ಕೊರೊನಾ ಸಂದರ್ಭದಲ್ಲಿ ಪೌರಕಾರ್ಮಿಕರು ಜೀವದ ಹಂಗು ತೊರೆದು ಕೆಲಸ ಮಾಡುತ್ತಿದ್ದಾರೆ. ಅವರ ಆರೋಗ್ಯ ರಕ್ಷಣೆಗೆ ಪೌಷ್ಟಿಕ ಆಹಾರ ಅಗತ್ಯ. ಎನ್‌ಇಸಿಸಿ ವತಿಯಿಂದ ದಿನಕ್ಕೆ 11 ಸಾವಿರ ಮೊಟ್ಟೆಗಳನ್ನು ಲಾಕ್‌ಡೌನ್ ಮುಗಿಯುವವರೆಗೂ ವಿತರಿಸಲಾಗುವುದು ಎಂದರು. ಮೇಯರ್ ತಸ್ನೀಂ, ಪಾಲಿಕೆ ಆಯುಕ್ತ ಗುರುದತ್ ಹೆಗಡೆ, ಶಾಸಕರು ಹಾಗೂ ಎನ್‌ಇಸಿಸಿ ಪದಾಧಿಕಾರಿಗಳು ಉಪಸ್ಥಿತರಿದ್ದರು. ಮೊಟ್ಟೆ ಸೇವನೆಯಿಂದ ರೋಗನಿರೋಧಕ ಶಕ್ತಿ ಹೆಚ್ಚಾಗಲಿದೆ. ಕೋಳಿ ಮತ್ತು ಮೊಟ್ಟೆ ಸೇವನೆಯಿಂದ ಕೊರೊನಾ ಹರಡುತ್ತದೆ ಎಂಬುದು ಸುಳ್ಳು ಎಂದು ತಿಳಿಸಿದರು.
25ನೇ ವಾರ್ಡ್‌ನಲ್ಲಿ ಕೂಲಿ ಕಾರ್ಮಿಕರಿಗೆ
1500 ದಿನಸಿ ಕಿಟ್ ವಿತರಣೆ
ಮೈಸೂರು, ಏ.15(ಆರ್‌ಕೆ)- ಕೋವಿಡ್-19 ಲಾಕ್‌ಡೌನ್‌ನಿಂದ ಸಂಕಷ್ಟಕ್ಕೀಡಾಗಿರುವ ಮೈಸೂರಿನ 25ನೇ ವಾರ್ಡ್ ವ್ಯಾಪ್ತಿಯ ಕೂಲಿ ಕಾರ್ಮಿಕರಿಗೆ ಪಾಲಿಕೆ ಸದಸ್ಯರಿಂದ 1500 ದಿನಸಿ ಕಿಟ್‌ಗಳನ್ನು ವಿತರಿಸಲಾಯಿತು. ಪ್ರತಿ ಕಿಟ್‌ನಲ್ಲಿ 5 ಕೆಜಿ ಅಕ್ಕಿ, ಸಕ್ಕರೆ, ತೊಗರಿಬೇಳೆ, ಅಡುಗೆ ಎಣ್ಣೆ, ಗೋಧಿ ಹಿಟ್ಟು ಸೇರಿದಂತೆ ಅಗತ್ಯ ವಸ್ತುಗಳಿವೆ. ಲಾಕ್‌ಡೌನ್ ಮುಗಿಯುವವರೆಗೂ ನೆರವು ಮುಂದುವರಿಸಲಾಗುವುದು ಎಂದು ಸದಸ್ಯರು ತಿಳಿಸಿದರು. ಸ್ಥಳೀಯ ಮುಖಂಡರು ಹಾಗೂ ಸ್ವಯಂಸೇವಕರು ಉಪಸ್ಥಿತರಿದ್ದರು.
ಮೈಸೂರು, ಏ.15(ಆರ್‌ಕೆ)- ಕೋವಿಡ್-19 ಲಾಕ್‌ಡೌನ್‌ನಿಂದ ಸಂಕಷ್ಟಕ್ಕೀಡಾಗಿರುವ ಮೈಸೂರಿನ 25ನೇ ವಾರ್ಡ್ ವ್ಯಾಪ್ತಿಯ ಕೂಲಿ ಕಾರ್ಮಿಕರಿಗೆ ಪಾಲಿಕೆ ಸದಸ್ಯರಿಂದ 1500 ದಿನಸಿ ಕಿಟ್‌ಗಳನ್ನು ವಿತರಿಸಲಾಯಿತು. ಪ್ರತಿ ಕಿಟ್‌ನಲ್ಲಿ 5 ಕೆಜಿ ಅಕ್ಕಿ, ಸಕ್ಕರೆ, ತೊಗರಿಬೇಳೆ, ಅಡುಗೆ ಎಣ್ಣೆ, ಗೋಧಿ ಹಿಟ್ಟು ಸೇರಿದಂತೆ ಅಗತ್ಯ ವಸ್ತುಗಳಿವೆ. ಲಾಕ್‌ಡೌನ್ ಮುಗಿಯುವವರೆಗೂ ನೆರವು ಮುಂದುವರಿಸಲಾಗುವುದು ಎಂದು ಸದಸ್ಯರು ತಿಳಿಸಿದರು. ಸ್ಥಳೀಯ ಮುಖಂಡರು ಹಾಗೂ ಸ್ವಯಂಸೇವಕರು ಉಪಸ್ಥಿತರಿದ್ದರು.
